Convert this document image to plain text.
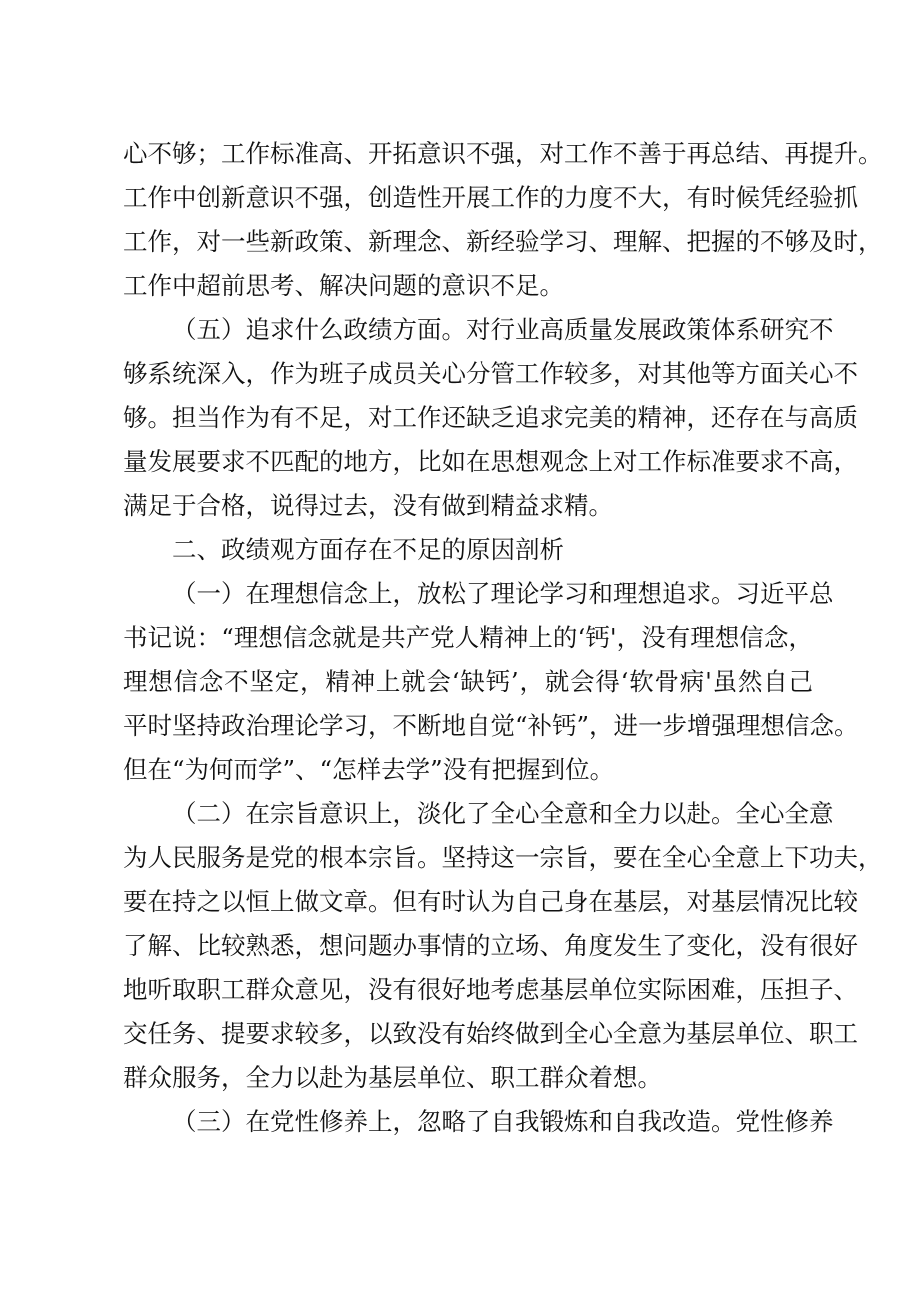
心不够；工作标准高、开拓意识不强，对工作不善于再总结、再提升。
工作中创新意识不强，创造性开展工作的力度不大，有时候凭经验抓
工作，对一些新政策、新理念、新经验学习、理解、把握的不够及时，
工作中超前思考、解决问题的意识不足。
（五）追求什么政绩方面。对行业高质量发展政策体系研究不
够系统深入，作为班子成员关心分管工作较多，对其他等方面关心不
够。担当作为有不足，对工作还缺乏追求完美的精神，还存在与高质
量发展要求不匹配的地方，比如在思想观念上对工作标准要求不高，
满足于合格，说得过去，没有做到精益求精。
二、政绩观方面存在不足的原因剖析
（一）在理想信念上，放松了理论学习和理想追求。习近平总
书记说：“理想信念就是共产党人精神上的‘钙'，没有理想信念，
理想信念不坚定，精神上就会‘缺钙’，就会得‘软骨病'虽然自己
平时坚持政治理论学习，不断地自觉“补钙”，进一步增强理想信念。
但在“为何而学”、“怎样去学”没有把握到位。
（二）在宗旨意识上，淡化了全心全意和全力以赴。全心全意
为人民服务是党的根本宗旨。坚持这一宗旨，要在全心全意上下功夫，
要在持之以恒上做文章。但有时认为自己身在基层，对基层情况比较
了解、比较熟悉，想问题办事情的立场、角度发生了变化，没有很好
地听取职工群众意见，没有很好地考虑基层单位实际困难，压担子、
交任务、提要求较多，以致没有始终做到全心全意为基层单位、职工
群众服务，全力以赴为基层单位、职工群众着想。
（三）在党性修养上，忽略了自我锻炼和自我改造。党性修养
